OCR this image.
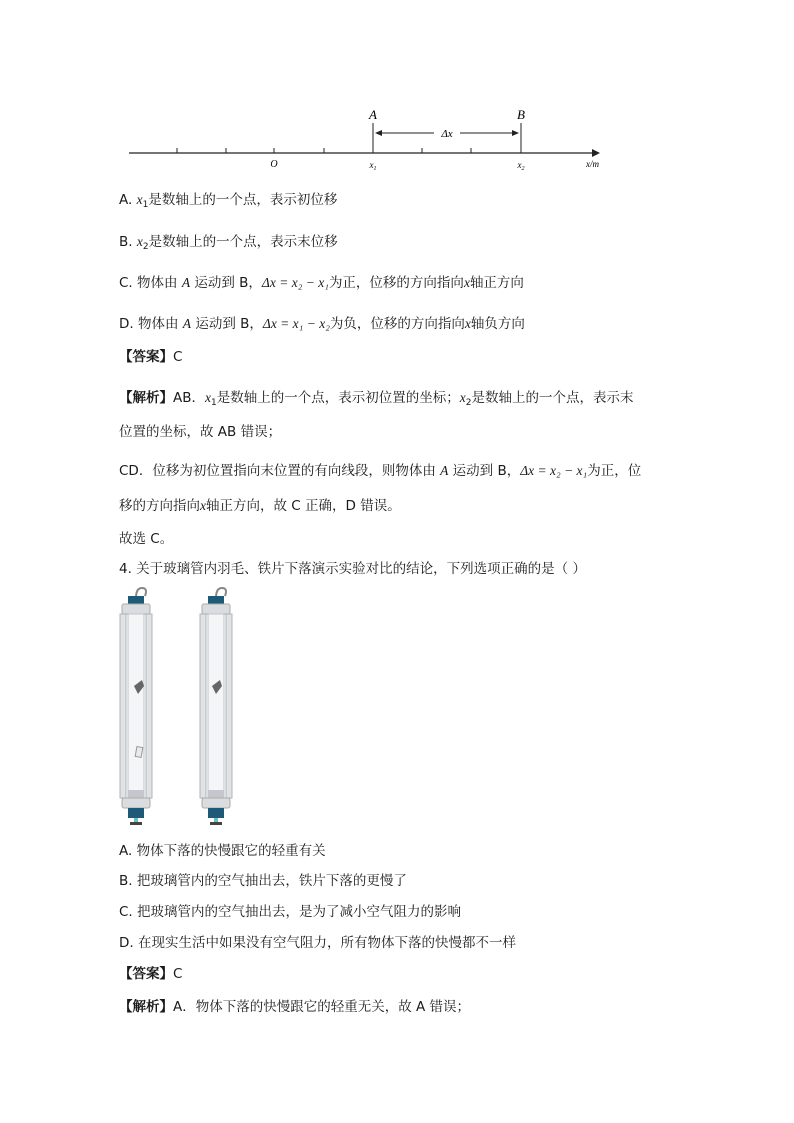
Δx
A	B
O	$x_1$	$x_2$	x/m
A. $x_1$是数轴上的一个点，表示初位移
B. $x_2$是数轴上的一个点，表示末位移
C. 物体由 A 运动到 B，Δx = x₂ − x₁为正，位移的方向指向x轴正方向
D. 物体由 A 运动到 B，Δx = x₁ − x₂为负，位移的方向指向x轴负方向
【答案】C
【解析】AB．$x_1$是数轴上的一个点，表示初位置的坐标；$x_2$是数轴上的一个点，表示末
位置的坐标，故 AB 错误；
CD．位移为初位置指向末位置的有向线段，则物体由 A 运动到 B，Δx = x₂ − x₁为正，位
移的方向指向x轴正方向，故 C 正确，D 错误。
故选 C。
4. 关于玻璃管内羽毛、铁片下落演示实验对比的结论，下列选项正确的是（ ）
A. 物体下落的快慢跟它的轻重有关
B. 把玻璃管内的空气抽出去，铁片下落的更慢了
C. 把玻璃管内的空气抽出去，是为了减小空气阻力的影响
D. 在现实生活中如果没有空气阻力，所有物体下落的快慢都不一样
【答案】C
【解析】A．物体下落的快慢跟它的轻重无关，故 A 错误；
